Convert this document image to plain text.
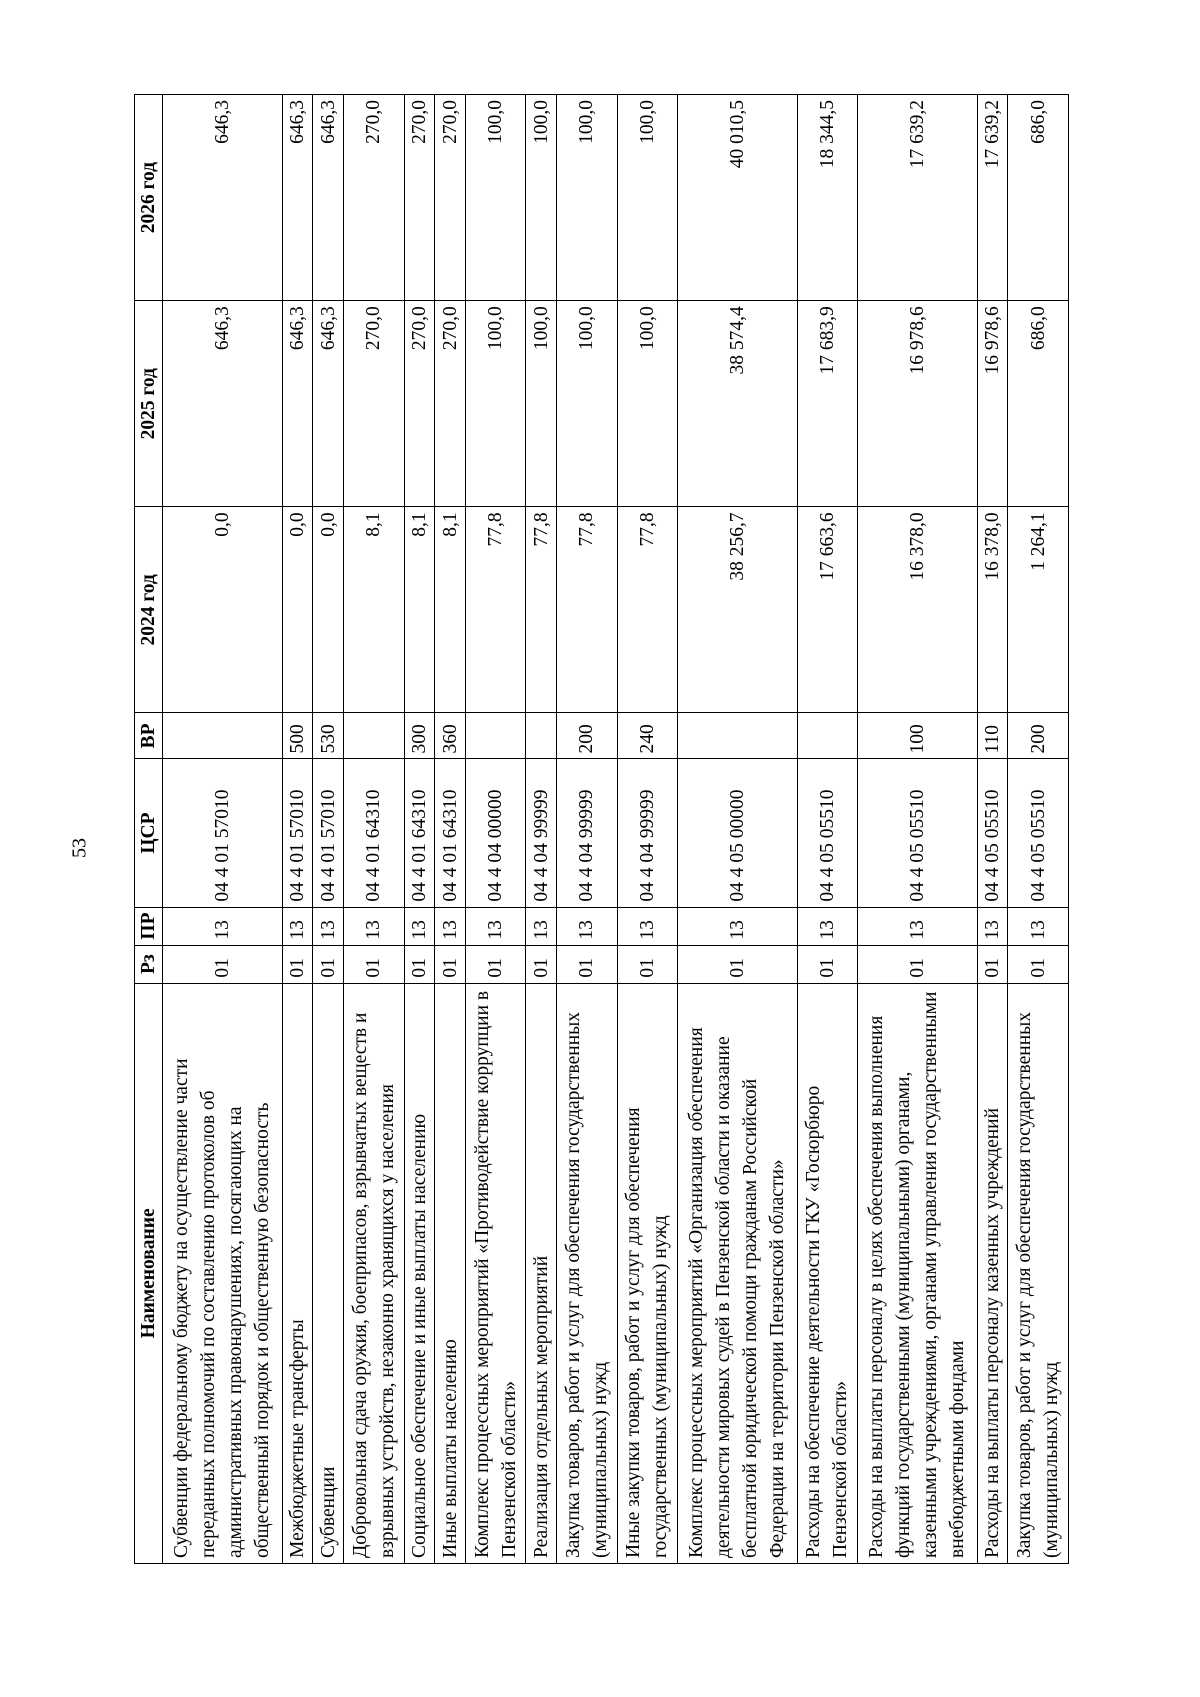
53
Наименование	Рз	ПР	ЦСР	ВР	2024 год	2025 год	2026 год
Субвенции федеральному бюджету на осуществление части переданных полномочий по составлению протоколов об административных правонарушениях, посягающих на общественный порядок и общественную безопасность	01	13	04 4 01 57010		0,0	646,3	646,3
Межбюджетные трансферты	01	13	04 4 01 57010	500	0,0	646,3	646,3
Субвенции	01	13	04 4 01 57010	530	0,0	646,3	646,3
Добровольная сдача оружия, боеприпасов, взрывчатых веществ и взрывных устройств, незаконно хранящихся у населения	01	13	04 4 01 64310		8,1	270,0	270,0
Социальное обеспечение и иные выплаты населению	01	13	04 4 01 64310	300	8,1	270,0	270,0
Иные выплаты населению	01	13	04 4 01 64310	360	8,1	270,0	270,0
Комплекс процессных мероприятий «Противодействие коррупции в Пензенской области»	01	13	04 4 04 00000		77,8	100,0	100,0
Реализация отдельных мероприятий	01	13	04 4 04 99999		77,8	100,0	100,0
Закупка товаров, работ и услуг для обеспечения государственных (муниципальных) нужд	01	13	04 4 04 99999	200	77,8	100,0	100,0
Иные закупки товаров, работ и услуг для обеспечения государственных (муниципальных) нужд	01	13	04 4 04 99999	240	77,8	100,0	100,0
Комплекс процессных мероприятий «Организация обеспечения деятельности мировых судей в Пензенской области и оказание бесплатной юридической помощи гражданам Российской Федерации на территории Пензенской области»	01	13	04 4 05 00000		38 256,7	38 574,4	40 010,5
Расходы на обеспечение деятельности ГКУ «Госюрбюро Пензенской области»	01	13	04 4 05 05510		17 663,6	17 683,9	18 344,5
Расходы на выплаты персоналу в целях обеспечения выполнения функций государственными (муниципальными) органами, казенными учреждениями, органами управления государственными внебюджетными фондами	01	13	04 4 05 05510	100	16 378,0	16 978,6	17 639,2
Расходы на выплаты персоналу казенных учреждений	01	13	04 4 05 05510	110	16 378,0	16 978,6	17 639,2
Закупка товаров, работ и услуг для обеспечения государственных (муниципальных) нужд	01	13	04 4 05 05510	200	1 264,1	686,0	686,0
